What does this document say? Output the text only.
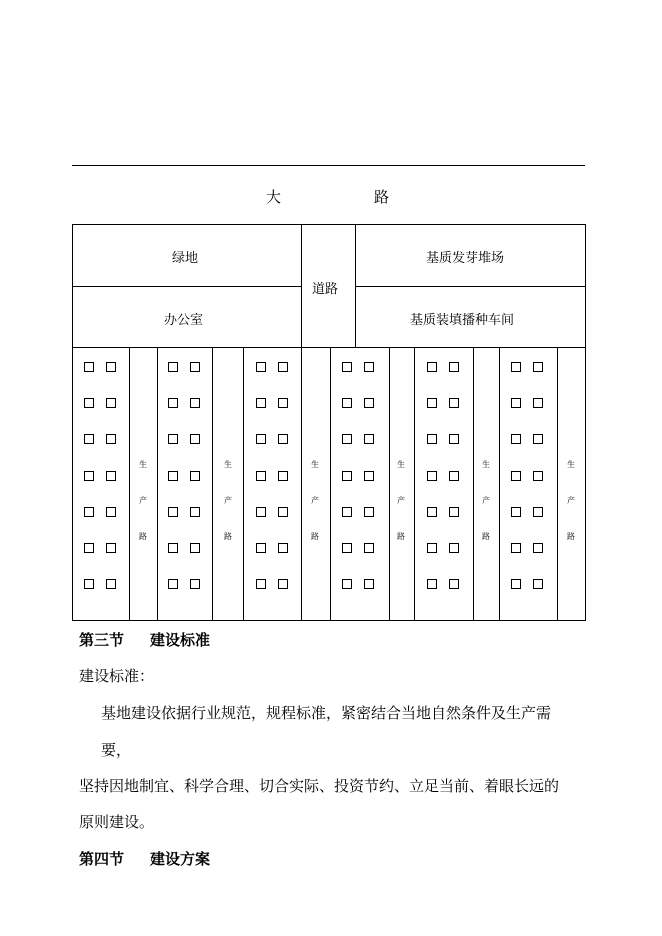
大	路
绿地
办公室
道路
基质发芽堆场
基质装填播种车间
生
产
路
生
产
路
生
产
路
生
产
路
生
产
路
生
产
路
第三节 建设标准
建设标准：
基地建设依据行业规范，规程标准，紧密结合当地自然条件及生产需
要，
坚持因地制宜、科学合理、切合实际、投资节约、立足当前、着眼长远的
原则建设。
第四节 建设方案
